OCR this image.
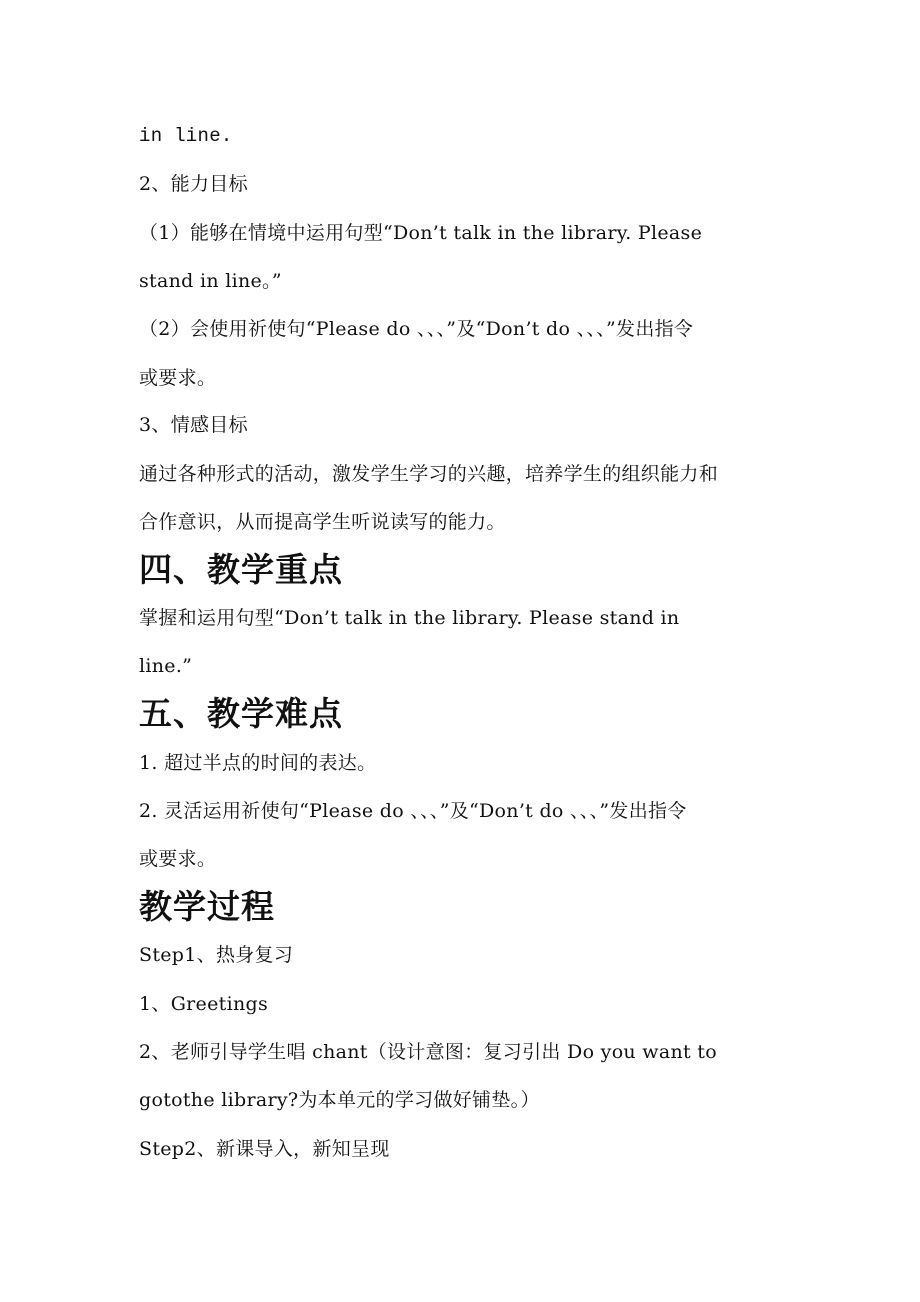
in line.
2、能力目标
（1）能够在情境中运用句型“Don’t talk in the library. Please
stand in line。”
（2）会使用祈使句“Please do 、、、”及“Don’t do 、、、”发出指令
或要求。
3、情感目标
通过各种形式的活动，激发学生学习的兴趣，培养学生的组织能力和
合作意识，从而提高学生听说读写的能力。
四、教学重点
掌握和运用句型“Don’t talk in the library. Please stand in
line.”
五、教学难点
1. 超过半点的时间的表达。
2. 灵活运用祈使句“Please do 、、、”及“Don’t do 、、、”发出指令
或要求。
教学过程
Step1、热身复习
1、Greetings
2、老师引导学生唱 chant（设计意图：复习引出 Do you want to
gotothe library?为本单元的学习做好铺垫。）
Step2、新课导入，新知呈现
